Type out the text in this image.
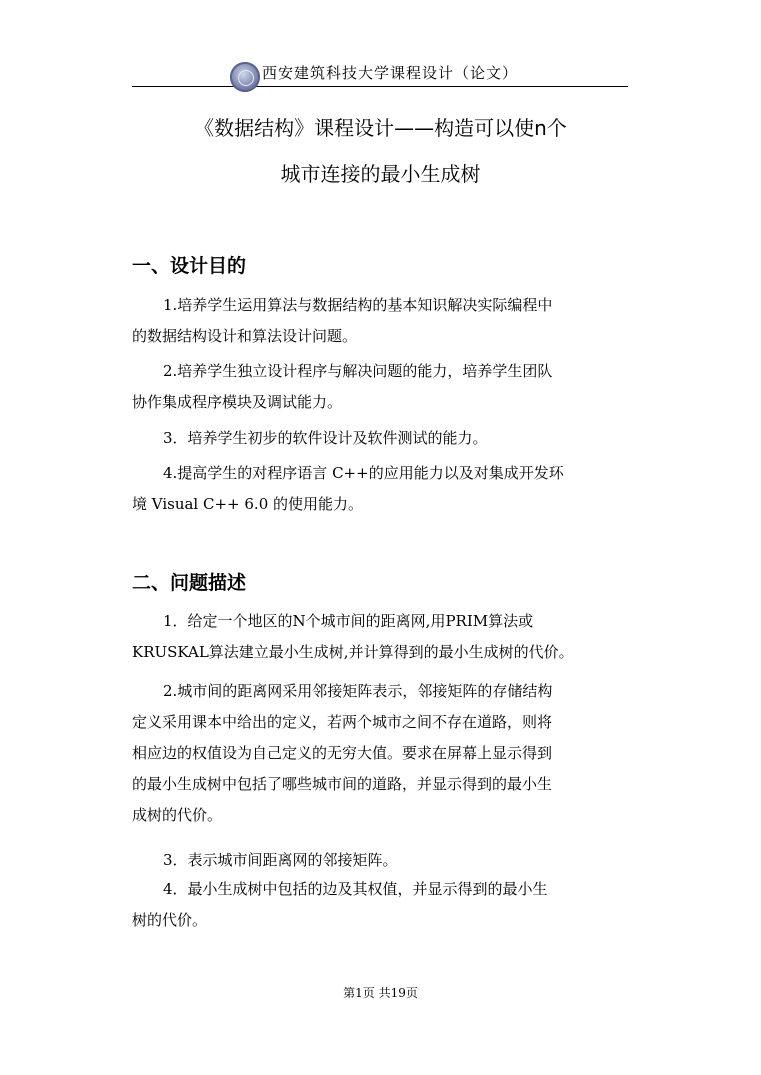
西安建筑科技大学课程设计（论文）
《数据结构》课程设计——构造可以使n个
城市连接的最小生成树
一、设计目的
1.培养学生运用算法与数据结构的基本知识解决实际编程中
的数据结构设计和算法设计问题。
2.培养学生独立设计程序与解决问题的能力，培养学生团队
协作集成程序模块及调试能力。
3．培养学生初步的软件设计及软件测试的能力。
4.提高学生的对程序语言 C++的应用能力以及对集成开发环
境 Visual C++ 6.0 的使用能力。
二、问题描述
1．给定一个地区的N个城市间的距离网,用PRIM算法或
KRUSKAL算法建立最小生成树,并计算得到的最小生成树的代价。
2.城市间的距离网采用邻接矩阵表示，邻接矩阵的存储结构
定义采用课本中给出的定义，若两个城市之间不存在道路，则将
相应边的权值设为自己定义的无穷大值。要求在屏幕上显示得到
的最小生成树中包括了哪些城市间的道路，并显示得到的最小生
成树的代价。
3．表示城市间距离网的邻接矩阵。
4．最小生成树中包括的边及其权值，并显示得到的最小生
树的代价。
第1页 共19页
